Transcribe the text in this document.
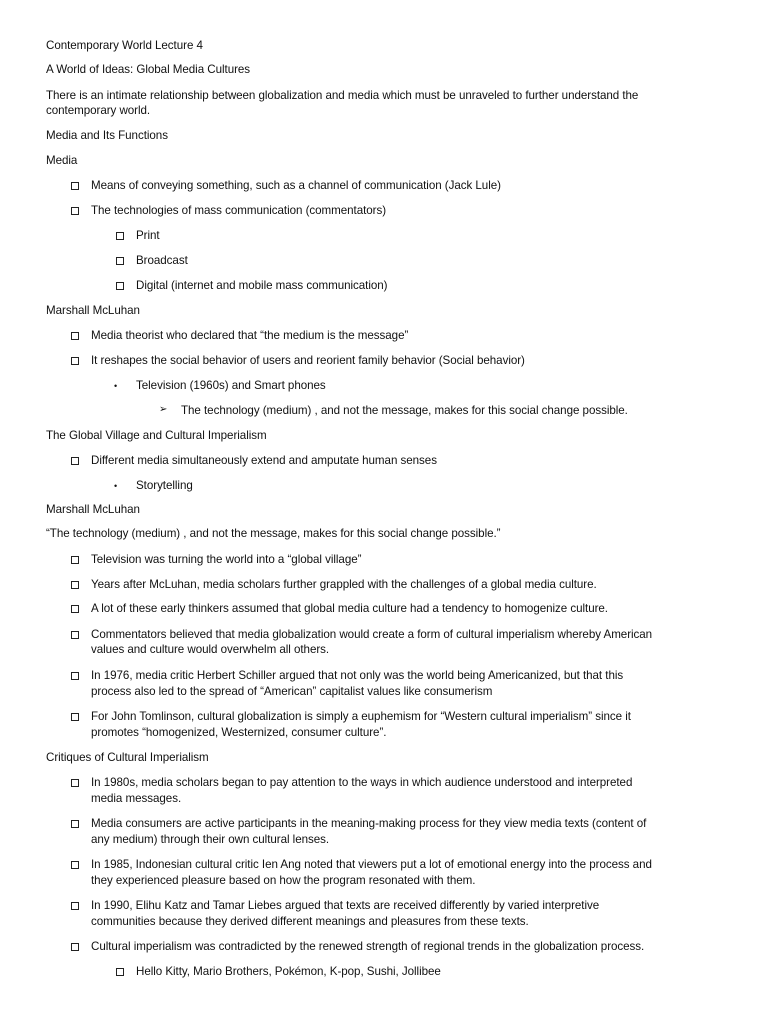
Contemporary World Lecture 4
A World of Ideas: Global Media Cultures
There is an intimate relationship between globalization and media which must be unraveled to further understand the
contemporary world.
Media and Its Functions
Media
Means of conveying something, such as a channel of communication (Jack Lule)
The technologies of mass communication (commentators)
Print
Broadcast
Digital (internet and mobile mass communication)
Marshall McLuhan
Media theorist who declared that “the medium is the message”
It reshapes the social behavior of users and reorient family behavior (Social behavior)
• Television (1960s) and Smart phones
➢ The technology (medium) , and not the message, makes for this social change possible.
The Global Village and Cultural Imperialism
Different media simultaneously extend and amputate human senses
• Storytelling
Marshall McLuhan
“The technology (medium) , and not the message, makes for this social change possible.”
Television was turning the world into a “global village”
Years after McLuhan, media scholars further grappled with the challenges of a global media culture.
A lot of these early thinkers assumed that global media culture had a tendency to homogenize culture.
Commentators believed that media globalization would create a form of cultural imperialism whereby American
values and culture would overwhelm all others.
In 1976, media critic Herbert Schiller argued that not only was the world being Americanized, but that this
process also led to the spread of “American” capitalist values like consumerism
For John Tomlinson, cultural globalization is simply a euphemism for “Western cultural imperialism” since it
promotes “homogenized, Westernized, consumer culture”.
Critiques of Cultural Imperialism
In 1980s, media scholars began to pay attention to the ways in which audience understood and interpreted
media messages.
Media consumers are active participants in the meaning-making process for they view media texts (content of
any medium) through their own cultural lenses.
In 1985, Indonesian cultural critic Ien Ang noted that viewers put a lot of emotional energy into the process and
they experienced pleasure based on how the program resonated with them.
In 1990, Elihu Katz and Tamar Liebes argued that texts are received differently by varied interpretive
communities because they derived different meanings and pleasures from these texts.
Cultural imperialism was contradicted by the renewed strength of regional trends in the globalization process.
Hello Kitty, Mario Brothers, Pokémon, K-pop, Sushi, Jollibee
